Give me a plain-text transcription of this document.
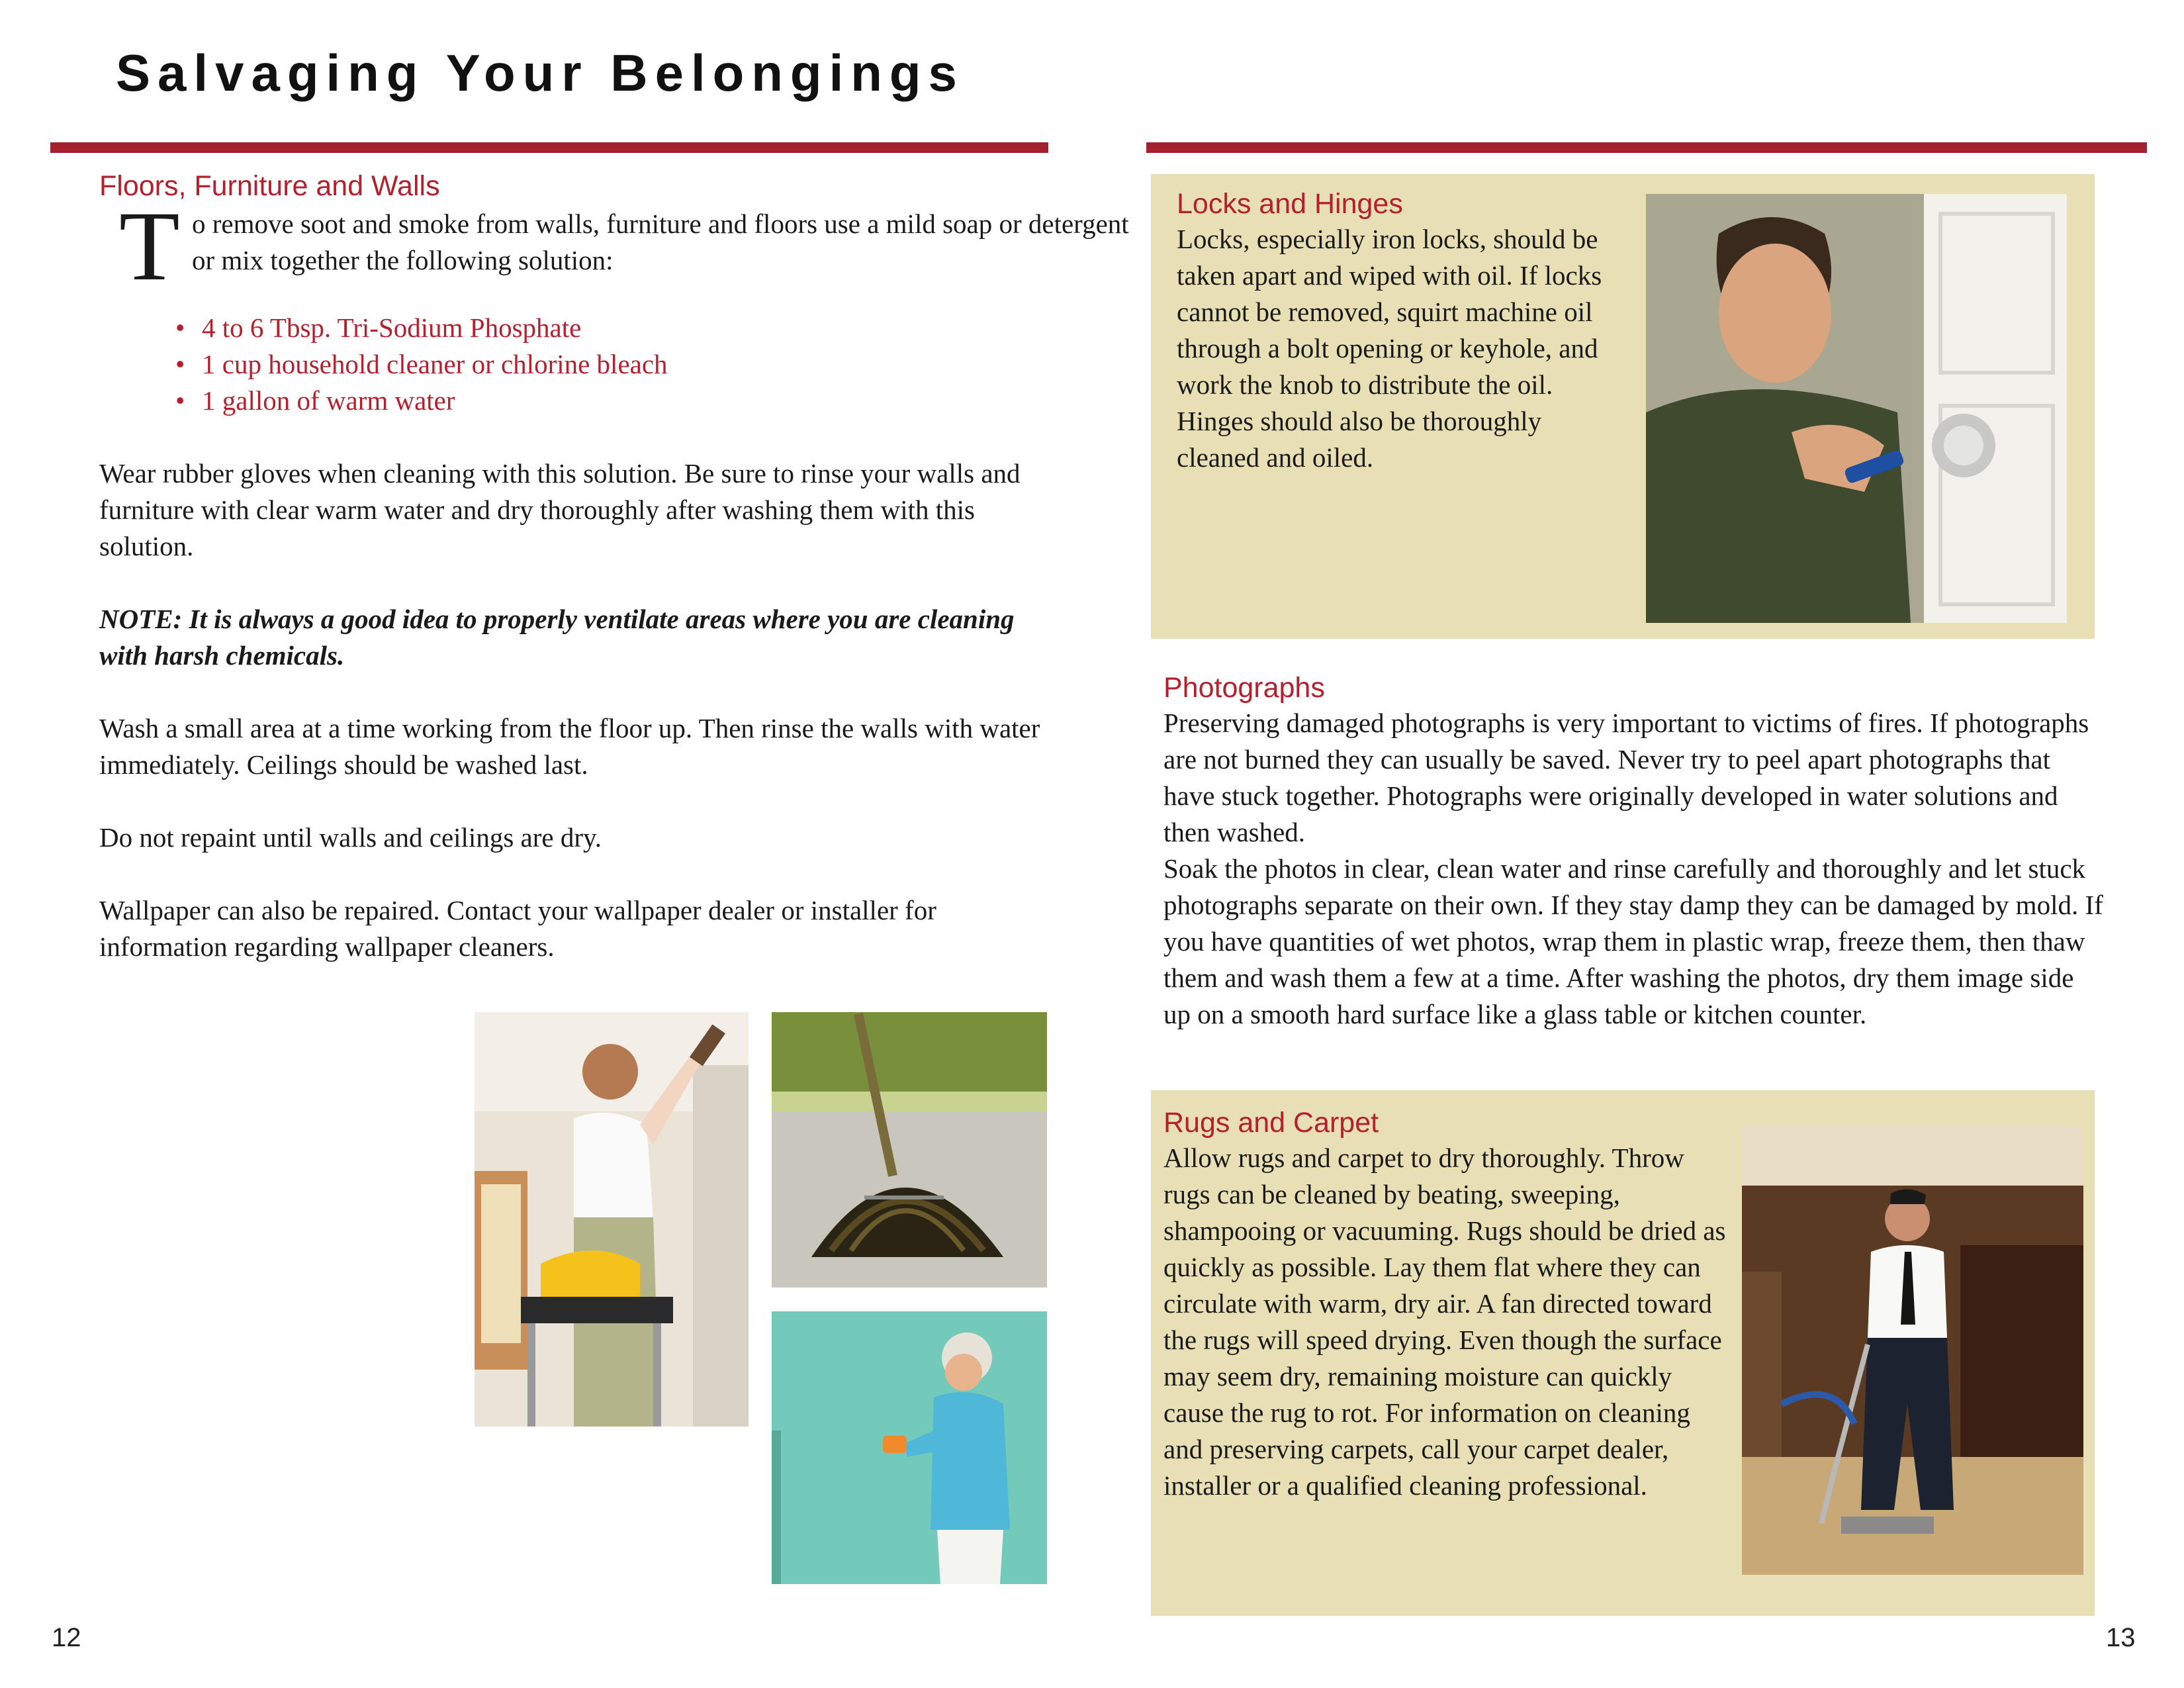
Salvaging Your Belongings
Floors, Furniture and Walls
T o remove soot and smoke from walls, furniture and floors use a mild soap or detergent or mix together the following solution:

• 4 to 6 Tbsp. Tri-Sodium Phosphate
• 1 cup household cleaner or chlorine bleach
• 1 gallon of warm water

Wear rubber gloves when cleaning with this solution. Be sure to rinse your walls and furniture with clear warm water and dry thoroughly after washing them with this solution.

NOTE: It is always a good idea to properly ventilate areas where you are cleaning with harsh chemicals.

Wash a small area at a time working from the floor up. Then rinse the walls with water immediately. Ceilings should be washed last.

Do not repaint until walls and ceilings are dry.

Wallpaper can also be repaired. Contact your wallpaper dealer or installer for information regarding wallpaper cleaners.

Locks and Hinges

Locks, especially iron locks, should be taken apart and wiped with oil. If locks cannot be removed, squirt machine oil through a bolt opening or keyhole, and work the knob to distribute the oil. Hinges should also be thoroughly cleaned and oiled.

Photographs

Preserving damaged photographs is very important to victims of fires. If photographs are not burned they can usually be saved. Never try to peel apart photographs that have stuck together. Photographs were originally developed in water solutions and then washed.

Soak the photos in clear, clean water and rinse carefully and thoroughly and let stuck photographs separate on their own. If they stay damp they can be damaged by mold. If you have quantities of wet photos, wrap them in plastic wrap, freeze them, then thaw them and wash them a few at a time. After washing the photos, dry them image side up on a smooth hard surface like a glass table or kitchen counter.

Rugs and Carpet

Allow rugs and carpet to dry thoroughly. Throw rugs can be cleaned by beating, sweeping, shampooing or vacuuming. Rugs should be dried as quickly as possible. Lay them flat where they can circulate with warm, dry air. A fan directed toward the rugs will speed drying. Even though the surface may seem dry, remaining moisture can quickly cause the rug to rot. For information on cleaning and preserving carpets, call your carpet dealer, installer or a qualified cleaning professional.

12	13
